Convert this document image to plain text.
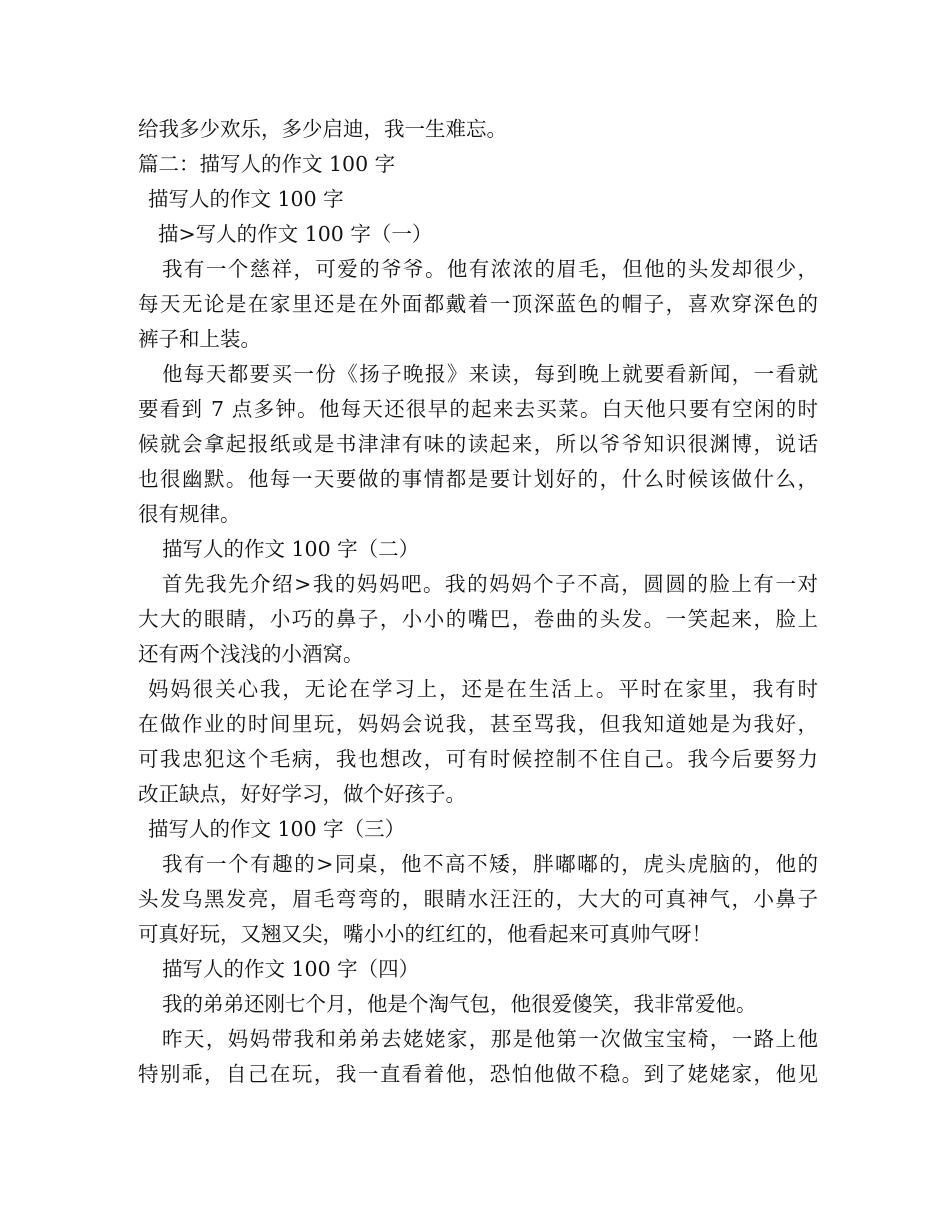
给我多少欢乐，多少启迪，我一生难忘。
篇二：描写人的作文 100 字
描写人的作文 100 字
描>写人的作文 100 字（一）
我有一个慈祥，可爱的爷爷。他有浓浓的眉毛，但他的头发却很少，
每天无论是在家里还是在外面都戴着一顶深蓝色的帽子，喜欢穿深色的
裤子和上装。
他每天都要买一份《扬子晚报》来读，每到晚上就要看新闻，一看就
要看到 7 点多钟。他每天还很早的起来去买菜。白天他只要有空闲的时
候就会拿起报纸或是书津津有味的读起来，所以爷爷知识很渊博，说话
也很幽默。他每一天要做的事情都是要计划好的，什么时候该做什么，
很有规律。
描写人的作文 100 字（二）
首先我先介绍>我的妈妈吧。我的妈妈个子不高，圆圆的脸上有一对
大大的眼睛，小巧的鼻子，小小的嘴巴，卷曲的头发。一笑起来，脸上
还有两个浅浅的小酒窝。
妈妈很关心我，无论在学习上，还是在生活上。平时在家里，我有时
在做作业的时间里玩，妈妈会说我，甚至骂我，但我知道她是为我好，
可我忠犯这个毛病，我也想改，可有时候控制不住自己。我今后要努力
改正缺点，好好学习，做个好孩子。
描写人的作文 100 字（三）
我有一个有趣的>同桌，他不高不矮，胖嘟嘟的，虎头虎脑的，他的
头发乌黑发亮，眉毛弯弯的，眼睛水汪汪的，大大的可真神气，小鼻子
可真好玩，又翘又尖，嘴小小的红红的，他看起来可真帅气呀！
描写人的作文 100 字（四）
我的弟弟还刚七个月，他是个淘气包，他很爱傻笑，我非常爱他。
昨天，妈妈带我和弟弟去姥姥家，那是他第一次做宝宝椅，一路上他
特别乖，自己在玩，我一直看着他，恐怕他做不稳。到了姥姥家，他见
